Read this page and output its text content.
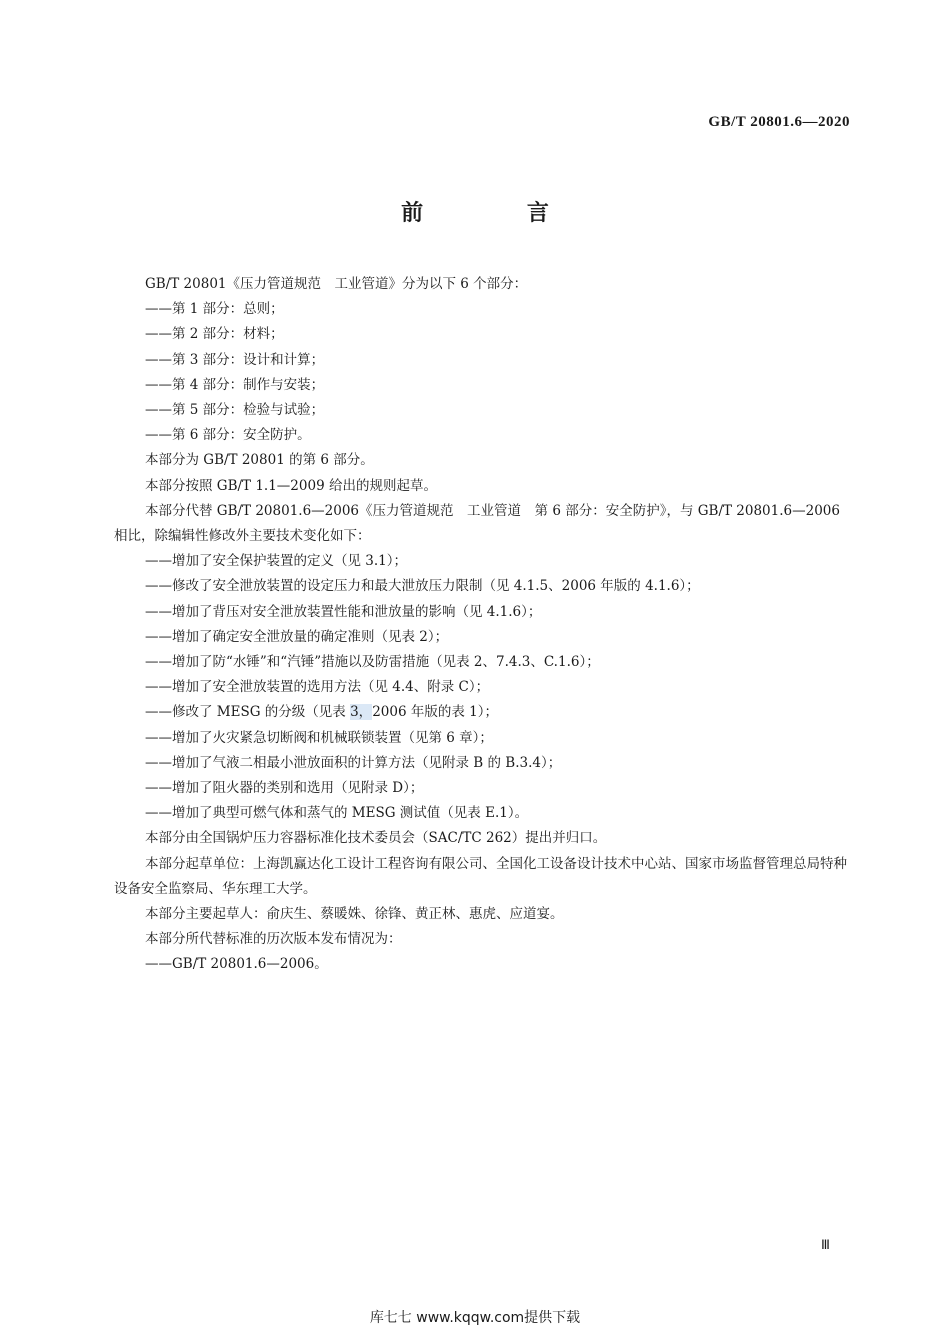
GB/T 20801.6—2020
前 言

GB/T 20801《压力管道规范　工业管道》分为以下 6 个部分：

——第 1 部分：总则；

——第 2 部分：材料；

——第 3 部分：设计和计算；

——第 4 部分：制作与安装；

——第 5 部分：检验与试验；

——第 6 部分：安全防护。

本部分为 GB/T 20801 的第 6 部分。

本部分按照 GB/T 1.1—2009 给出的规则起草。

本部分代替 GB/T 20801.6—2006《压力管道规范　工业管道　第 6 部分：安全防护》，与 GB/T 20801.6—2006 相比，除编辑性修改外主要技术变化如下：

——增加了安全保护装置的定义（见 3.1）；

——修改了安全泄放装置的设定压力和最大泄放压力限制（见 4.1.5、2006 年版的 4.1.6）；

——增加了背压对安全泄放装置性能和泄放量的影响（见 4.1.6）；

——增加了确定安全泄放量的确定准则（见表 2）；

——增加了防“水锤”和“汽锤”措施以及防雷措施（见表 2、7.4.3、C.1.6）；

——增加了安全泄放装置的选用方法（见 4.4、附录 C）；

——修改了 MESG 的分级（见表 3，2006 年版的表 1）；

——增加了火灾紧急切断阀和机械联锁装置（见第 6 章）；

——增加了气液二相最小泄放面积的计算方法（见附录 B 的 B.3.4）；

——增加了阻火器的类别和选用（见附录 D）；

——增加了典型可燃气体和蒸气的 MESG 测试值（见表 E.1）。

本部分由全国锅炉压力容器标准化技术委员会（SAC/TC 262）提出并归口。

本部分起草单位：上海凯赢达化工设计工程咨询有限公司、全国化工设备设计技术中心站、国家市场监督管理总局特种设备安全监察局、华东理工大学。

本部分主要起草人：俞庆生、蔡暖姝、徐锋、黄正林、惠虎、应道宴。

本部分所代替标准的历次版本发布情况为：

——GB/T 20801.6—2006。

Ⅲ
库七七 www.kqqw.com提供下载
